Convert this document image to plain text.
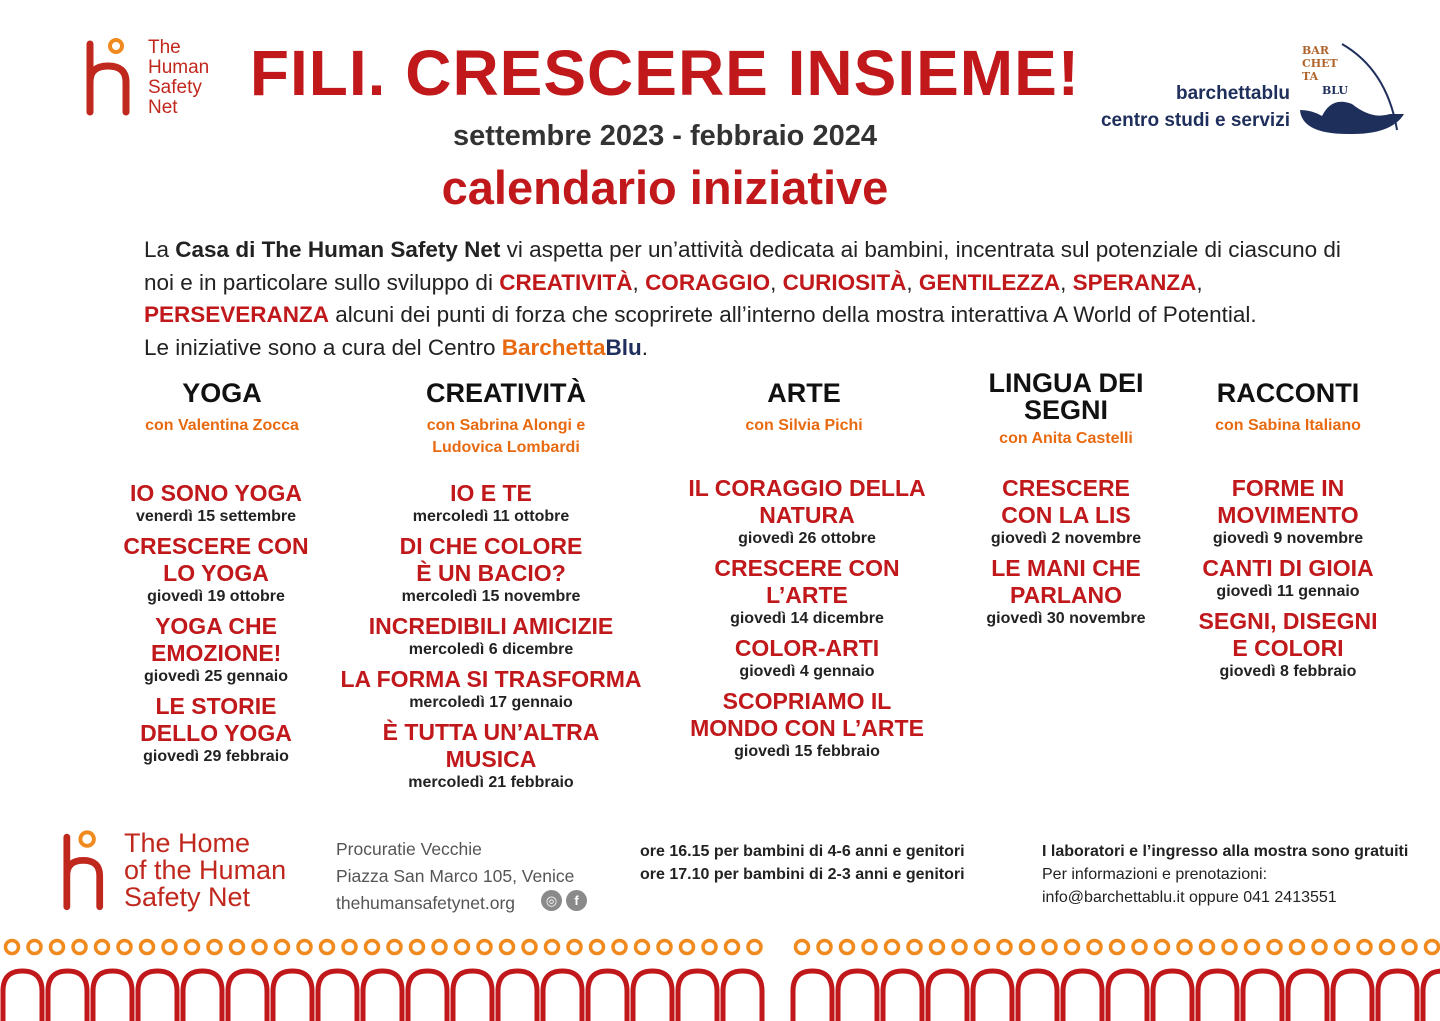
The
Human
Safety
Net	FILI. CRESCERE INSIEME!
settembre 2023 - febbraio 2024
calendario iniziative
barchettablu
centro studi e servizi
BAR
CHET
TA
BLU
La Casa di The Human Safety Net vi aspetta per un’attività dedicata ai bambini, incentrata sul potenziale di ciascuno di noi e in particolare sullo sviluppo di CREATIVITÀ, CORAGGIO, CURIOSITÀ, GENTILEZZA, SPERANZA,
PERSEVERANZA alcuni dei punti di forza che scoprirete all’interno della mostra interattiva A World of Potential.
Le iniziative sono a cura del Centro BarchettaBlu.
YOGA
con Valentina Zocca
IO SONO YOGA
venerdì 15 settembre
CRESCERE CON LO YOGA
giovedì 19 ottobre
YOGA CHE EMOZIONE!
giovedì 25 gennaio
LE STORIE DELLO YOGA
giovedì 29 febbraio
CREATIVITÀ
con Sabrina Alongi e Ludovica Lombardi
IO E TE
mercoledì 11 ottobre
DI CHE COLORE È UN BACIO?
mercoledì 15 novembre
INCREDIBILI AMICIZIE
mercoledì 6 dicembre
LA FORMA SI TRASFORMA
mercoledì 17 gennaio
È TUTTA UN’ALTRA MUSICA
mercoledì 21 febbraio
ARTE
con Silvia Pichi
IL CORAGGIO DELLA NATURA
giovedì 26 ottobre
CRESCERE CON L’ARTE
giovedì 14 dicembre
COLOR-ARTI
giovedì 4 gennaio
SCOPRIAMO IL MONDO CON L’ARTE
giovedì 15 febbraio
LINGUA DEI SEGNI
con Anita Castelli
CRESCERE CON LA LIS
giovedì 2 novembre
LE MANI CHE PARLANO
giovedì 30 novembre
RACCONTI
con Sabina Italiano
FORME IN MOVIMENTO
giovedì 9 novembre
CANTI DI GIOIA
giovedì 11 gennaio
SEGNI, DISEGNI E COLORI
giovedì 8 febbraio
The Home
of the Human
Safety Net
Procuratie Vecchie
Piazza San Marco 105, Venice
thehumansafetynet.org	◎ f
ore 16.15 per bambini di 4-6 anni e genitori
ore 17.10 per bambini di 2-3 anni e genitori
I laboratori e l’ingresso alla mostra sono gratuiti
Per informazioni e prenotazioni:
info@barchettablu.it oppure 041 2413551
